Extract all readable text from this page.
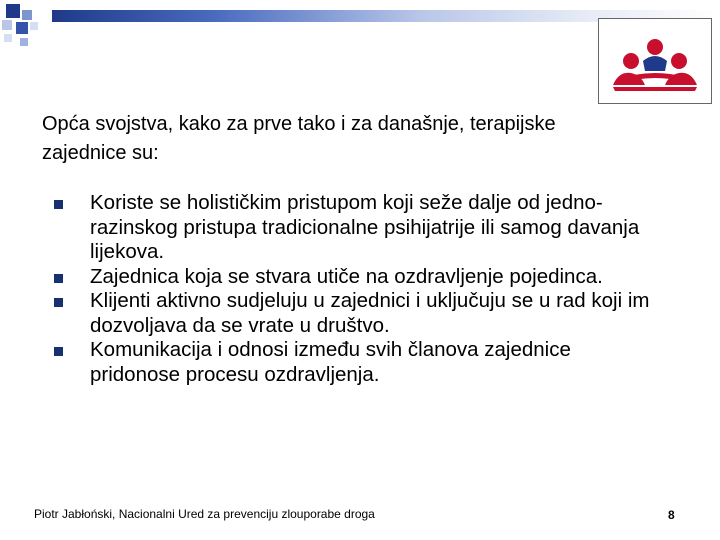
Opća svojstva, kako za prve tako i za današnje, terapijske zajednice su:
Koriste se holističkim pristupom koji seže dalje od jedno-razinskog pristupa tradicionalne psihijatrije ili samog davanja lijekova.
Zajednica koja se stvara utiče na ozdravljenje pojedinca.
Klijenti aktivno sudjeluju u zajednici i uključuju se u rad koji im dozvoljava da se vrate u društvo.
Komunikacija i odnosi između svih članova zajednice pridonose procesu ozdravljenja.
Piotr Jabłoński, Nacionalni Ured za prevenciju zlouporabe droga	8
